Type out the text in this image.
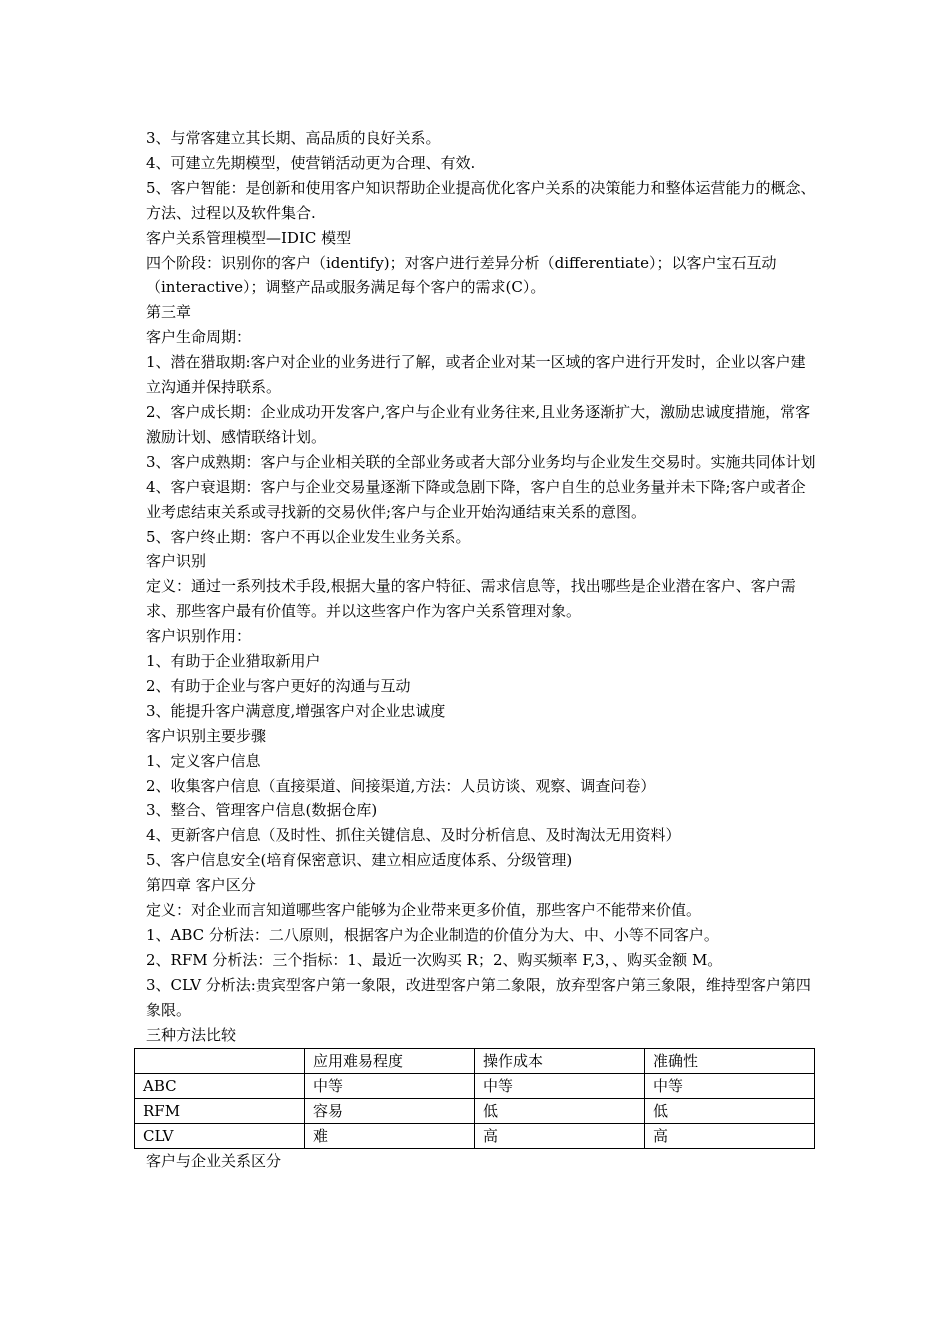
3、与常客建立其长期、高品质的良好关系。
4、可建立先期模型，使营销活动更为合理、有效.
5、客户智能：是创新和使用客户知识帮助企业提高优化客户关系的决策能力和整体运营能力的概念、方法、过程以及软件集合.
客户关系管理模型—IDIC 模型
四个阶段：识别你的客户（identify)；对客户进行差异分析（differentiate）；以客户宝石互动（interactive）；调整产品或服务满足每个客户的需求(C）。
第三章
客户生命周期：
1、潜在猎取期:客户对企业的业务进行了解，或者企业对某一区域的客户进行开发时，企业以客户建立沟通并保持联系。
2、客户成长期：企业成功开发客户,客户与企业有业务往来,且业务逐渐扩大，激励忠诚度措施，常客激励计划、感情联络计划。
3、客户成熟期：客户与企业相关联的全部业务或者大部分业务均与企业发生交易时。实施共同体计划
4、客户衰退期：客户与企业交易量逐渐下降或急剧下降，客户自生的总业务量并未下降;客户或者企业考虑结束关系或寻找新的交易伙伴;客户与企业开始沟通结束关系的意图。
5、客户终止期：客户不再以企业发生业务关系。
客户识别
定义：通过一系列技术手段,根据大量的客户特征、需求信息等，找出哪些是企业潜在客户、客户需求、那些客户最有价值等。并以这些客户作为客户关系管理对象。
客户识别作用：
1、有助于企业猎取新用户
2、有助于企业与客户更好的沟通与互动
3、能提升客户满意度,增强客户对企业忠诚度
客户识别主要步骤
1、定义客户信息
2、收集客户信息（直接渠道、间接渠道,方法：人员访谈、观察、调查问卷）
3、整合、管理客户信息(数据仓库)
4、更新客户信息（及时性、抓住关键信息、及时分析信息、及时淘汰无用资料）
5、客户信息安全(培育保密意识、建立相应适度体系、分级管理)
第四章 客户区分
定义：对企业而言知道哪些客户能够为企业带来更多价值，那些客户不能带来价值。
1、ABC 分析法：二八原则，根据客户为企业制造的价值分为大、中、小等不同客户。
2、RFM 分析法：三个指标：1、最近一次购买 R；2、购买频率 F,3，、购买金额 M。
3、CLV 分析法:贵宾型客户第一象限，改进型客户第二象限，放弃型客户第三象限，维持型客户第四象限。
三种方法比较
	应用难易程度	操作成本	准确性
ABC	中等	中等	中等
RFM	容易	低	低
CLV	难	高	高
客户与企业关系区分
